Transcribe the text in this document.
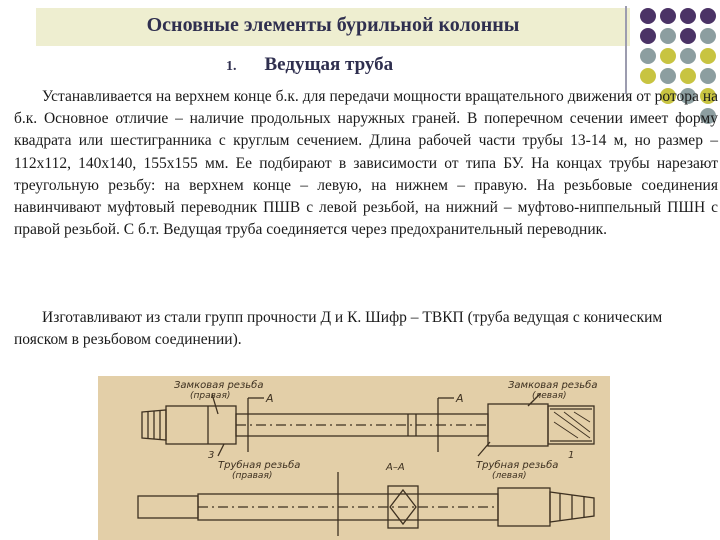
Основные элементы бурильной колонны
1. Ведущая труба

Устанавливается на верхнем конце б.к. для передачи мощности вращательного движения от ротора на б.к. Основное отличие – наличие продольных наружных граней. В поперечном сечении имеет форму квадрата или шестигранника с круглым сечением. Длина рабочей части трубы 13-14 м, но размер – 112х112, 140х140, 155х155 мм. Ее подбирают в зависимости от типа БУ. На концах трубы нарезают треугольную резьбу: на верхнем конце – левую, на нижнем – правую. На резьбовые соединения навинчивают муфтовый переводник ПШВ с левой резьбой, на нижний – муфтово-ниппельный ПШН с правой резьбой. С б.т. Ведущая труба соединяется через предохранительный переводник.

Изготавливают из стали групп прочности Д и К. Шифр – ТВКП (труба ведущая с коническим пояском в резьбовом соединении).

Замковая резьба
(правая)
Замковая резьба
(левая)
А	А
Трубная резьба
(правая)
Трубная резьба
(левая)
А–А
3	1
